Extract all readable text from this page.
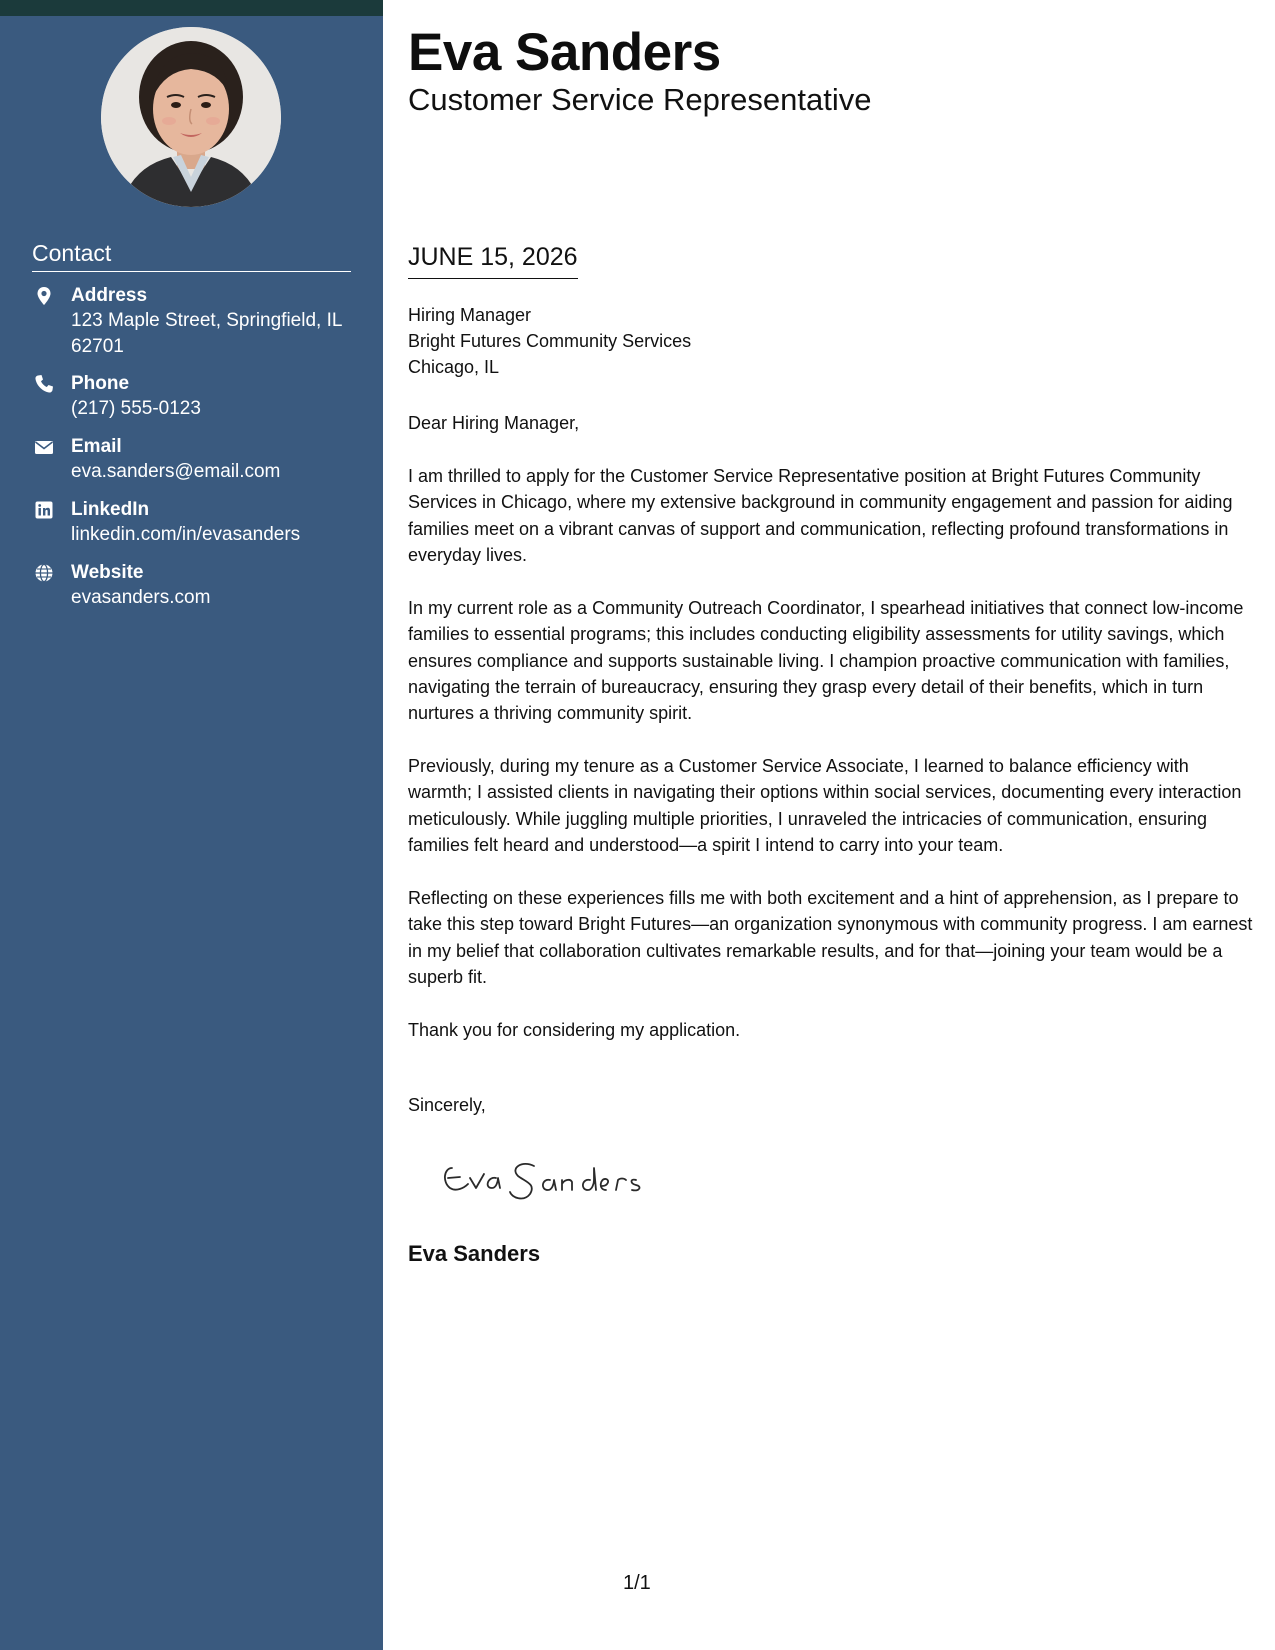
Contact
Address
123 Maple Street, Springfield, IL 62701
Phone
(217) 555-0123
Email
eva.sanders@email.com
LinkedIn
linkedin.com/in/evasanders
Website
evasanders.com
Eva Sanders
Customer Service Representative
JUNE 15, 2026
Hiring Manager
Bright Futures Community Services
Chicago, IL
Dear Hiring Manager,

I am thrilled to apply for the Customer Service Representative position at Bright Futures Community Services in Chicago, where my extensive background in community engagement and passion for aiding families meet on a vibrant canvas of support and communication, reflecting profound transformations in everyday lives.

In my current role as a Community Outreach Coordinator, I spearhead initiatives that connect low-income families to essential programs; this includes conducting eligibility assessments for utility savings, which ensures compliance and supports sustainable living. I champion proactive communication with families, navigating the terrain of bureaucracy, ensuring they grasp every detail of their benefits, which in turn nurtures a thriving community spirit.

Previously, during my tenure as a Customer Service Associate, I learned to balance efficiency with warmth; I assisted clients in navigating their options within social services, documenting every interaction meticulously. While juggling multiple priorities, I unraveled the intricacies of communication, ensuring families felt heard and understood—a spirit I intend to carry into your team.

Reflecting on these experiences fills me with both excitement and a hint of apprehension, as I prepare to take this step toward Bright Futures—an organization synonymous with community progress. I am earnest in my belief that collaboration cultivates remarkable results, and for that—joining your team would be a superb fit.

Thank you for considering my application.

Sincerely,
Eva Sanders
1/1
